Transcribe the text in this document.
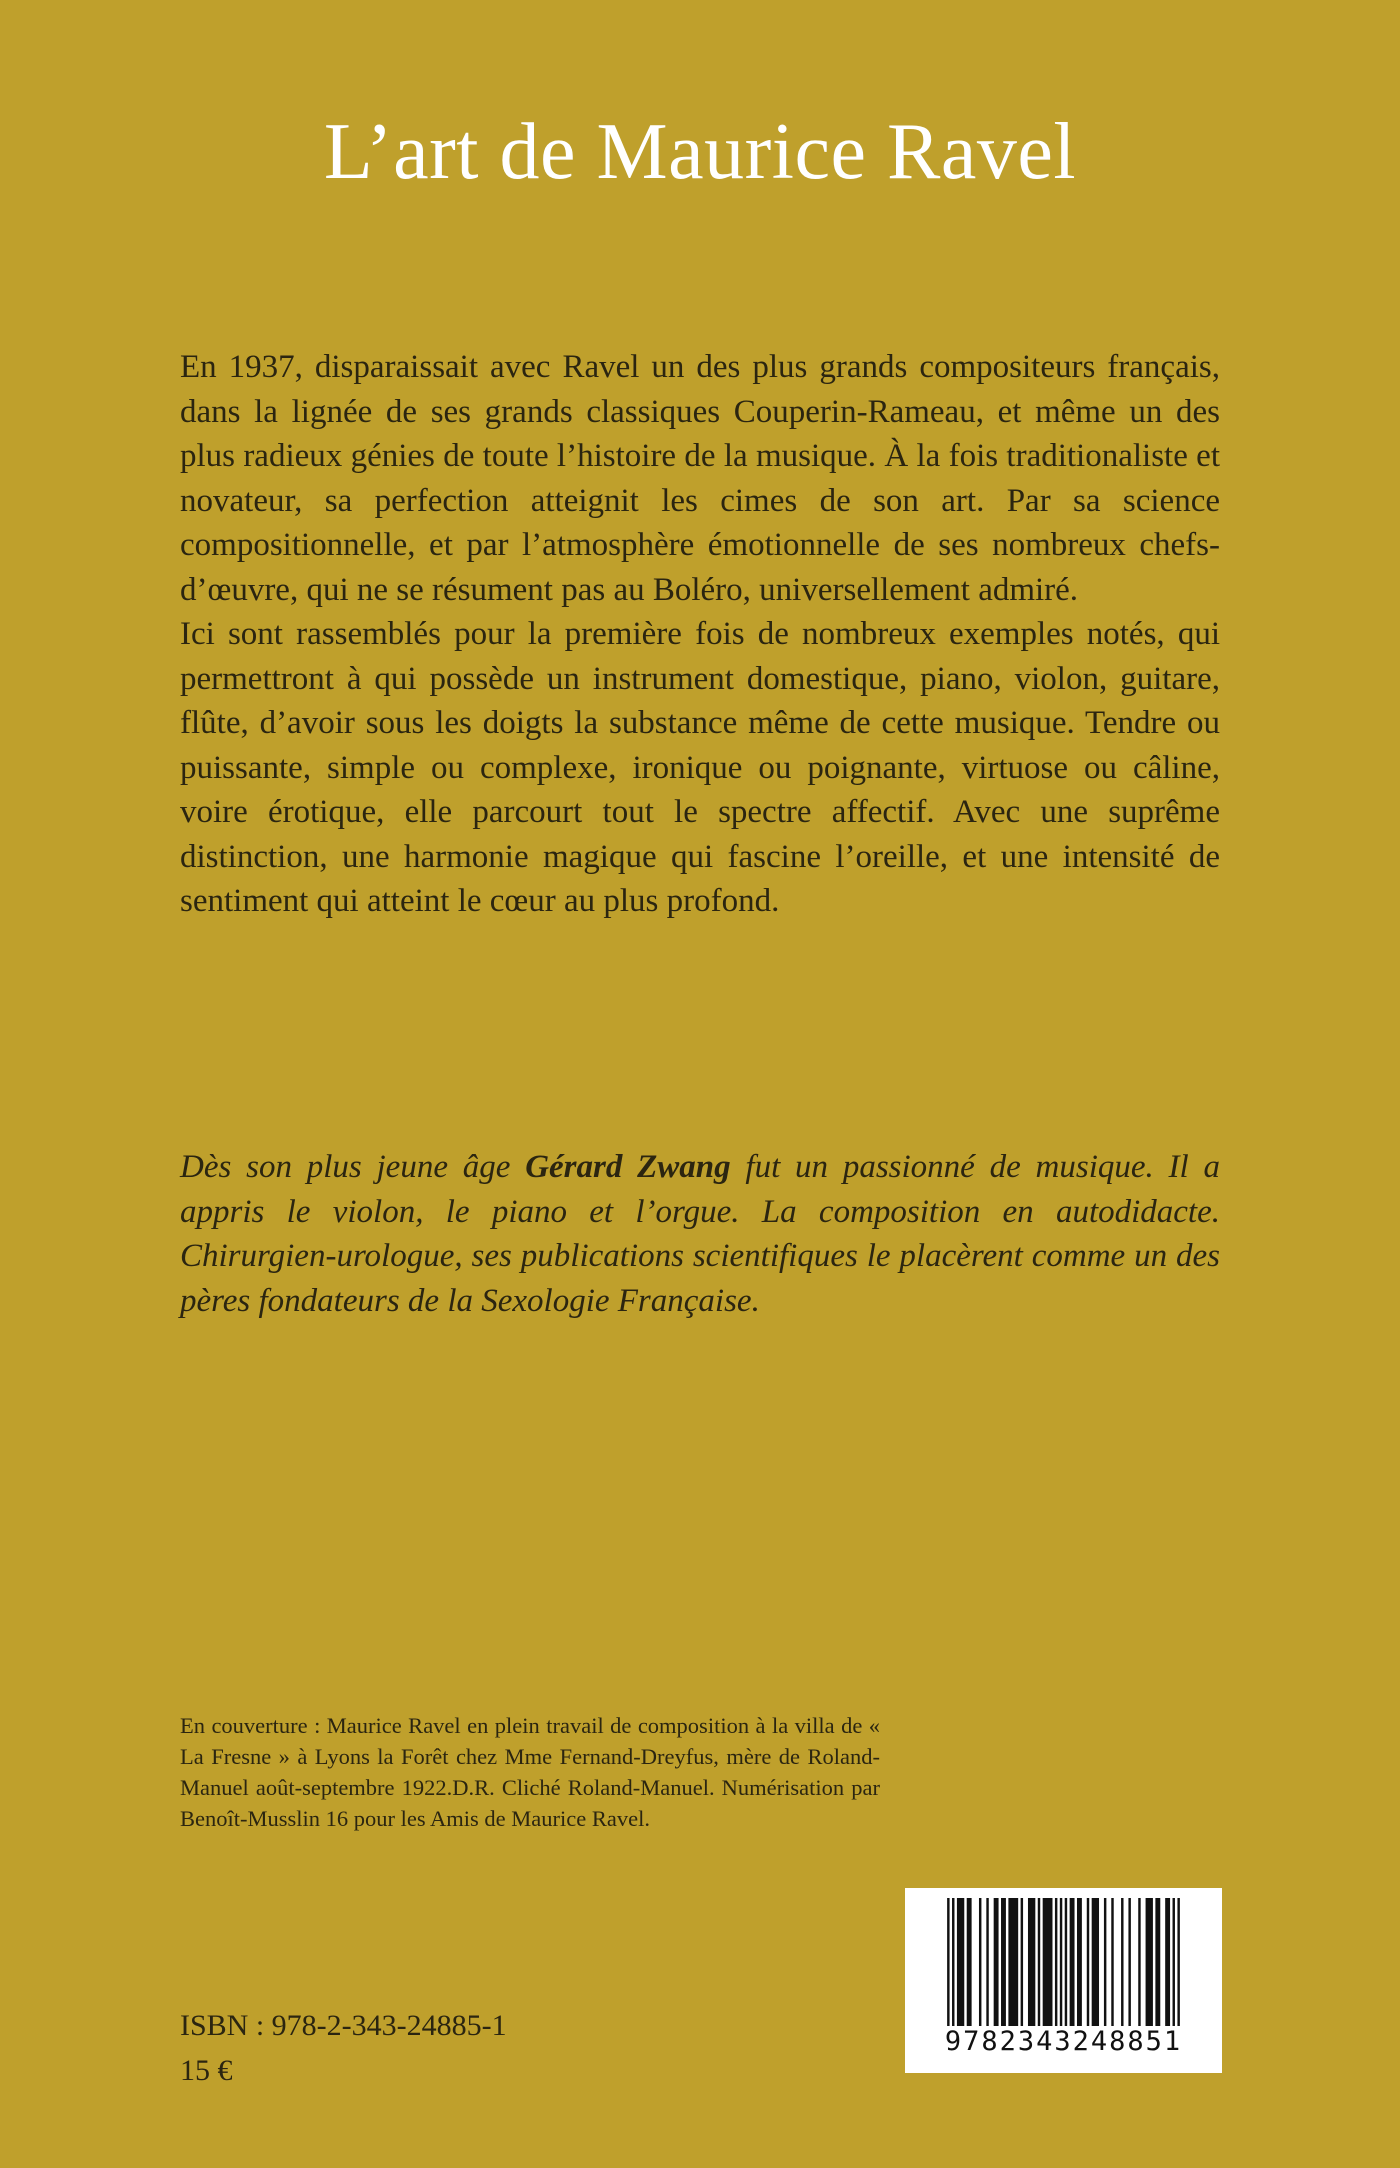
L’art de Maurice Ravel

En 1937, disparaissait avec Ravel un des plus grands compositeurs français, dans la lignée de ses grands classiques Couperin-Rameau, et même un des plus radieux génies de toute l’histoire de la musique. À la fois traditionaliste et novateur, sa perfection atteignit les cimes de son art. Par sa science compositionnelle, et par l’atmosphère émotionnelle de ses nombreux chefs-d’œuvre, qui ne se résument pas au Boléro, universellement admiré.

Ici sont rassemblés pour la première fois de nombreux exemples notés, qui permettront à qui possède un instrument domestique, piano, violon, guitare, flûte, d’avoir sous les doigts la substance même de cette musique. Tendre ou puissante, simple ou complexe, ironique ou poignante, virtuose ou câline, voire érotique, elle parcourt tout le spectre affectif. Avec une suprême distinction, une harmonie magique qui fascine l’oreille, et une intensité de sentiment qui atteint le cœur au plus profond.

Dès son plus jeune âge Gérard Zwang fut un passionné de musique. Il a appris le violon, le piano et l’orgue. La composition en autodidacte. Chirurgien-urologue, ses publications scientifiques le placèrent comme un des pères fondateurs de la Sexologie Française.

En couverture : Maurice Ravel en plein travail de composition à la villa de « La Fresne » à Lyons la Forêt chez Mme Fernand-Dreyfus, mère de Roland-Manuel août-septembre 1922.D.R. Cliché Roland-Manuel. Numérisation par Benoît-Musslin 16 pour les Amis de Maurice Ravel.

ISBN : 978-2-343-24885-1

15 €

9782343248851
